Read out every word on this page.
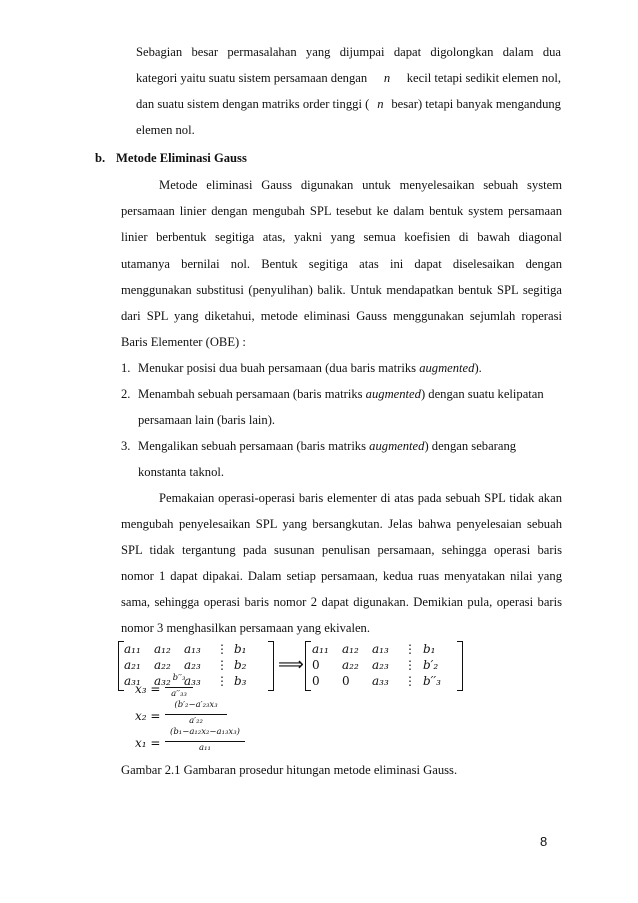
Sebagian besar permasalahan yang dijumpai dapat digolongkan dalam dua
kategori yaitu suatu sistem persamaan dengan n kecil tetapi sedikit elemen nol,
dan suatu sistem dengan matriks order tinggi ( n besar) tetapi banyak mengandung
elemen nol.
b. Metode Eliminasi Gauss
Metode eliminasi Gauss digunakan untuk menyelesaikan sebuah system
persamaan linier dengan mengubah SPL tesebut ke dalam bentuk system persamaan
linier berbentuk segitiga atas, yakni yang semua koefisien di bawah diagonal
utamanya bernilai nol. Bentuk segitiga atas ini dapat diselesaikan dengan
menggunakan substitusi (penyulihan) balik. Untuk mendapatkan bentuk SPL segitiga
dari SPL yang diketahui, metode eliminasi Gauss menggunakan sejumlah roperasi
Baris Elementer (OBE) :
1. Menukar posisi dua buah persamaan (dua baris matriks augmented).
2. Menambah sebuah persamaan (baris matriks augmented) dengan suatu kelipatan
persamaan lain (baris lain).
3. Mengalikan sebuah persamaan (baris matriks augmented) dengan sebarang
konstanta taknol.
Pemakaian operasi-operasi baris elementer di atas pada sebuah SPL tidak akan
mengubah penyelesaikan SPL yang bersangkutan. Jelas bahwa penyelesaian sebuah
SPL tidak tergantung pada susunan penulisan persamaan, sehingga operasi baris
nomor 1 dapat dipakai. Dalam setiap persamaan, kedua ruas menyatakan nilai yang
sama, sehingga operasi baris nomor 2 dapat digunakan. Demikian pula, operasi baris
nomor 3 menghasilkan persamaan yang ekivalen.
a₁₁ a₁₂ a₁₃ ⋮ b₁
a₂₁ a₂₂ a₂₃ ⋮ b₂
a₃₁ a₃₂ a₃₃ ⋮ b₃
⟹
a₁₁ a₁₂ a₁₃ ⋮ b₁
0 a₂₂ a₂₃ ⋮ b′₂
0 0 a₃₃ ⋮ b′′₃
x₃ =
b′′₃
a′′₃₃
x₂ =
(b′₂−a′₂₃x₃
a′₂₂
x₁ =
(b₁−a₁₂x₂−a₁₃x₃)
a₁₁
Gambar 2.1 Gambaran prosedur hitungan metode eliminasi Gauss.
8
